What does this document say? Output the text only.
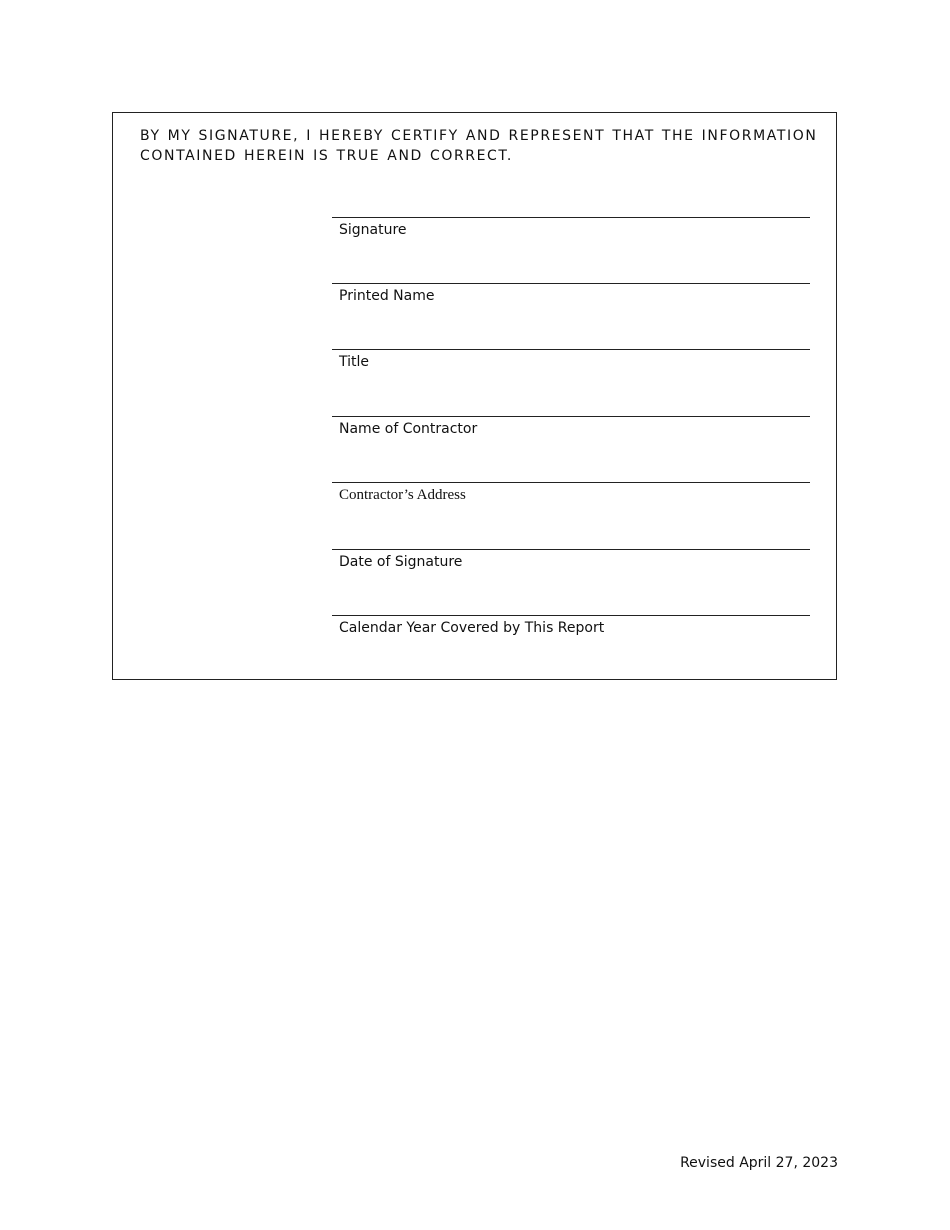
BY MY SIGNATURE, I HEREBY CERTIFY AND REPRESENT THAT THE INFORMATION CONTAINED HEREIN IS TRUE AND CORRECT.

Signature
Printed Name
Title
Name of Contractor
Contractor’s Address
Date of Signature
Calendar Year Covered by This Report
Revised April 27, 2023
